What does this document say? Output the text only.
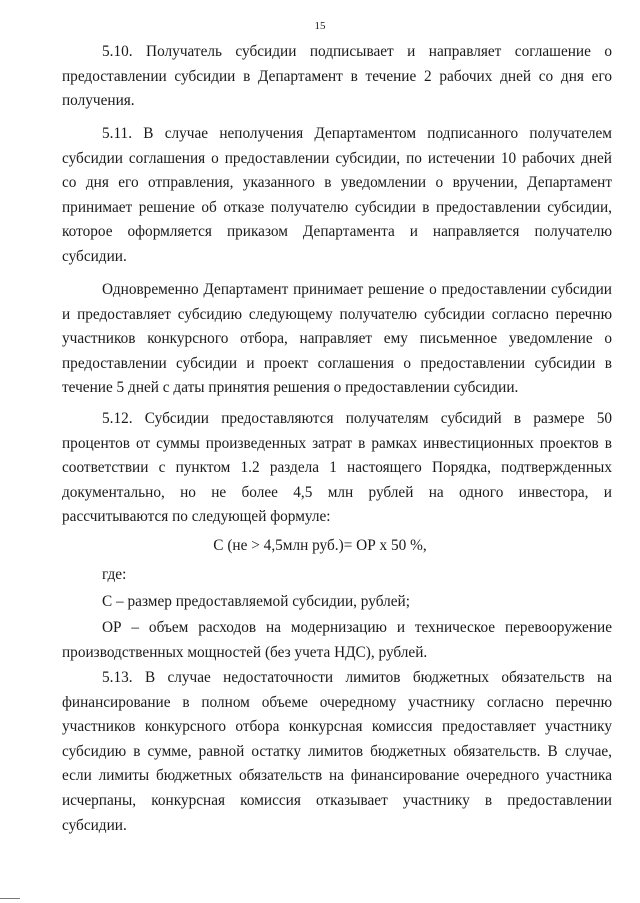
15
5.10. Получатель субсидии подписывает и направляет соглашение о
предоставлении субсидии в Департамент в течение 2 рабочих дней со дня его
получения.
5.11. В случае неполучения Департаментом подписанного получателем
субсидии соглашения о предоставлении субсидии, по истечении 10 рабочих дней
со дня его отправления, указанного в уведомлении о вручении, Департамент
принимает решение об отказе получателю субсидии в предоставлении субсидии,
которое оформляется приказом Департамента и направляется получателю
субсидии.
Одновременно Департамент принимает решение о предоставлении субсидии
и предоставляет субсидию следующему получателю субсидии согласно перечню
участников конкурсного отбора, направляет ему письменное уведомление о
предоставлении субсидии и проект соглашения о предоставлении субсидии в
течение 5 дней с даты принятия решения о предоставлении субсидии.
5.12. Субсидии предоставляются получателям субсидий в размере 50
процентов от суммы произведенных затрат в рамках инвестиционных проектов в
соответствии с пунктом 1.2 раздела 1 настоящего Порядка, подтвержденных
документально, но не более 4,5 млн рублей на одного инвестора, и
рассчитываются по следующей формуле:
С (не > 4,5млн руб.)= ОР х 50 %,
где:
С – размер предоставляемой субсидии, рублей;
ОР – объем расходов на модернизацию и техническое перевооружение
производственных мощностей (без учета НДС), рублей.
5.13. В случае недостаточности лимитов бюджетных обязательств на
финансирование в полном объеме очередному участнику согласно перечню
участников конкурсного отбора конкурсная комиссия предоставляет участнику
субсидию в сумме, равной остатку лимитов бюджетных обязательств. В случае,
если лимиты бюджетных обязательств на финансирование очередного участника
исчерпаны, конкурсная комиссия отказывает участнику в предоставлении
субсидии.
